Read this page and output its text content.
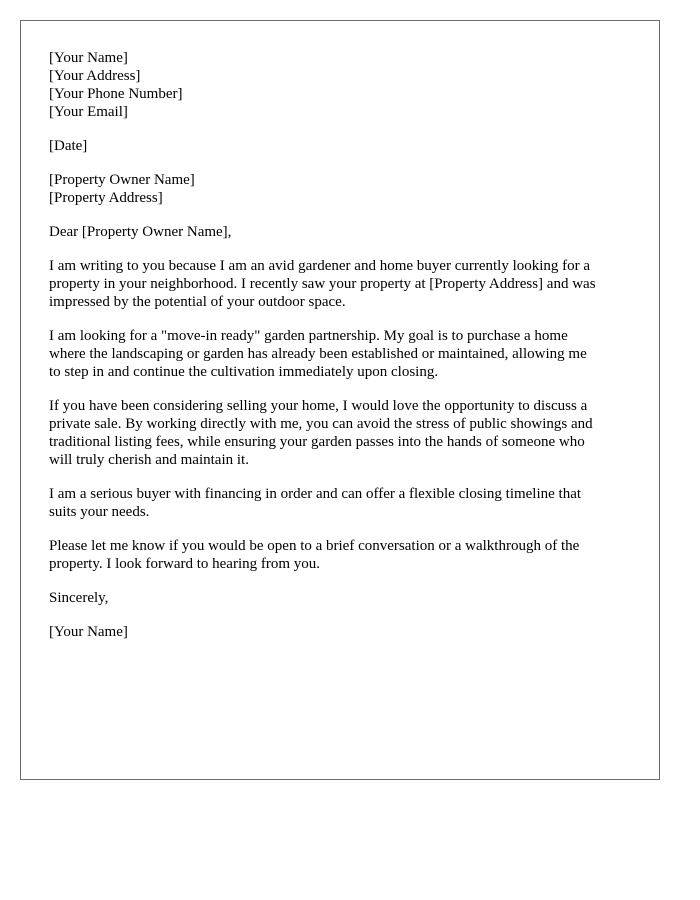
[Your Name]
[Your Address]
[Your Phone Number]
[Your Email]
[Date]
[Property Owner Name]
[Property Address]

Dear [Property Owner Name],

I am writing to you because I am an avid gardener and home buyer currently looking for a
property in your neighborhood. I recently saw your property at [Property Address] and was
impressed by the potential of your outdoor space.

I am looking for a "move-in ready" garden partnership. My goal is to purchase a home
where the landscaping or garden has already been established or maintained, allowing me
to step in and continue the cultivation immediately upon closing.

If you have been considering selling your home, I would love the opportunity to discuss a
private sale. By working directly with me, you can avoid the stress of public showings and
traditional listing fees, while ensuring your garden passes into the hands of someone who
will truly cherish and maintain it.

I am a serious buyer with financing in order and can offer a flexible closing timeline that
suits your needs.

Please let me know if you would be open to a brief conversation or a walkthrough of the
property. I look forward to hearing from you.

Sincerely,

[Your Name]
